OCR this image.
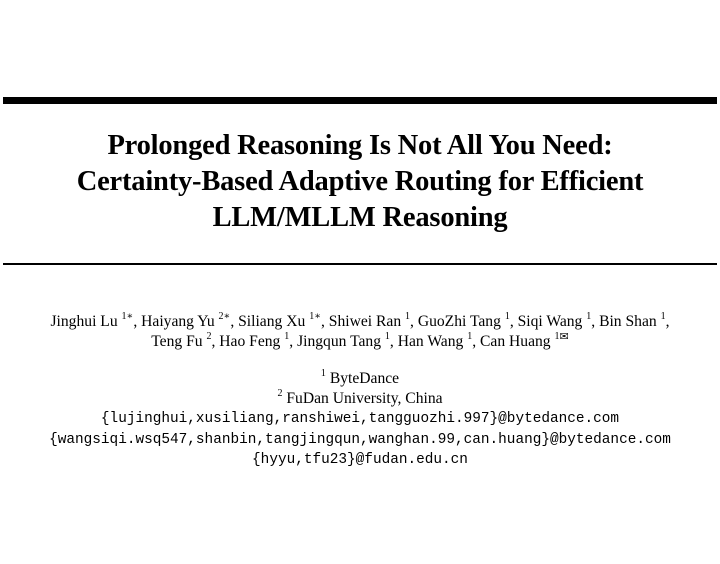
Prolonged Reasoning Is Not All You Need:
Certainty-Based Adaptive Routing for Efficient
LLM/MLLM Reasoning
Jinghui Lu $^{1∗}$, Haiyang Yu $^{2∗}$, Siliang Xu $^{1∗}$, Shiwei Ran $^1$, GuoZhi Tang $^1$, Siqi Wang $^1$, Bin Shan $^1$,
Teng Fu $^2$, Hao Feng $^1$, Jingqun Tang $^1$, Han Wang $^1$, Can Huang $^1$✉
$^1$ ByteDance
$^2$ FuDan University, China
{lujinghui,xusiliang,ranshiwei,tangguozhi.997}@bytedance.com
{wangsiqi.wsq547,shanbin,tangjingqun,wanghan.99,can.huang}@bytedance.com
{hyyu,tfu23}@fudan.edu.cn
